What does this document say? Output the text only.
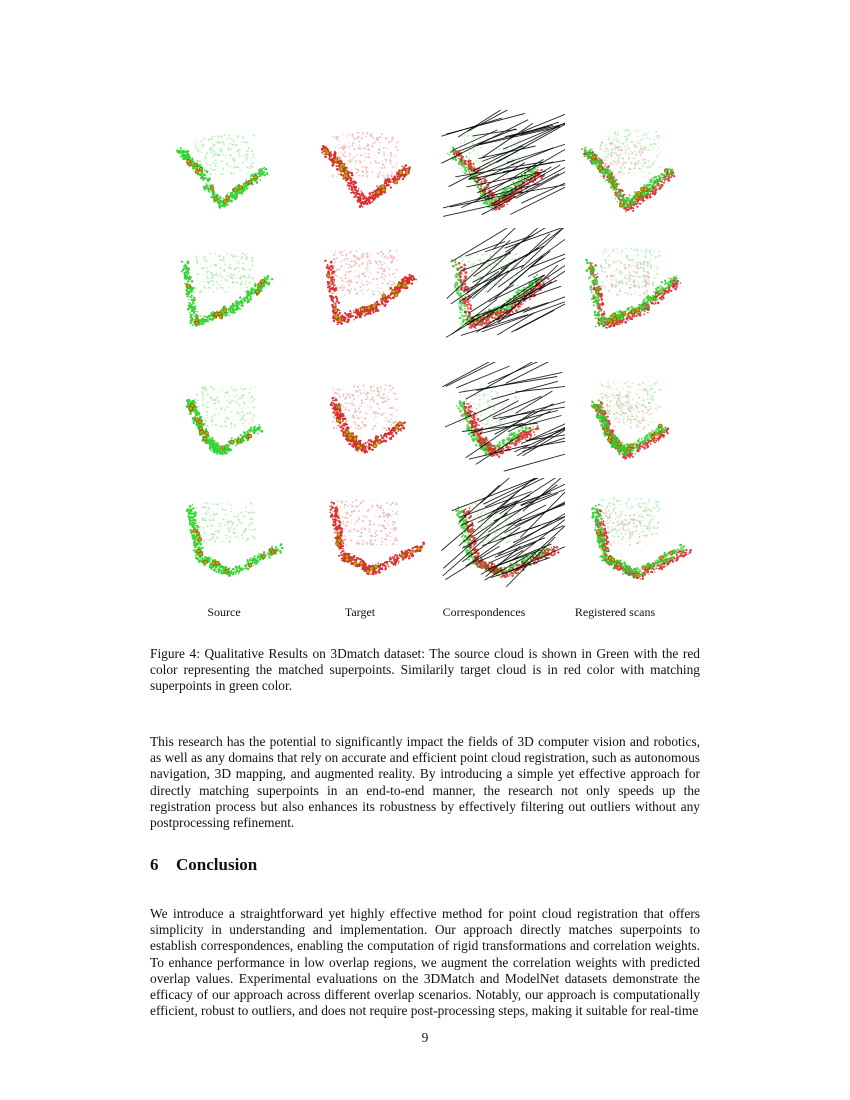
Source	Target	Correspondences	Registered scans
Figure 4: Qualitative Results on 3Dmatch dataset: The source cloud is shown in Green with the red color representing the matched superpoints. Similarily target cloud is in red color with matching superpoints in green color.
This research has the potential to significantly impact the fields of 3D computer vision and robotics, as well as any domains that rely on accurate and efficient point cloud registration, such as autonomous navigation, 3D mapping, and augmented reality. By introducing a simple yet effective approach for directly matching superpoints in an end-to-end manner, the research not only speeds up the registration process but also enhances its robustness by effectively filtering out outliers without any postprocessing refinement.
6 Conclusion
We introduce a straightforward yet highly effective method for point cloud registration that offers simplicity in understanding and implementation. Our approach directly matches superpoints to establish correspondences, enabling the computation of rigid transformations and correlation weights. To enhance performance in low overlap regions, we augment the correlation weights with predicted overlap values. Experimental evaluations on the 3DMatch and ModelNet datasets demonstrate the efficacy of our approach across different overlap scenarios. Notably, our approach is computationally efficient, robust to outliers, and does not require post-processing steps, making it suitable for real-time
9
